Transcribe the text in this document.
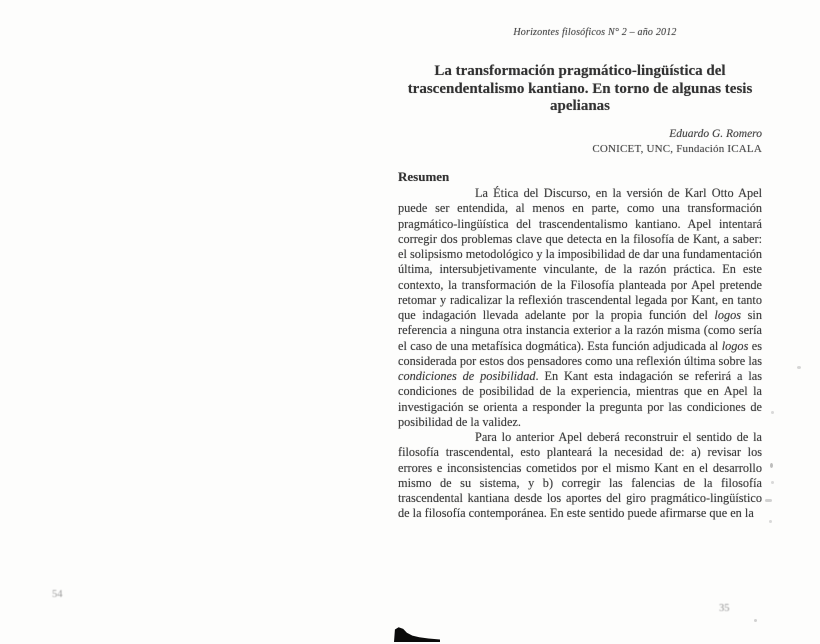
Horizontes filosóficos N° 2 – año 2012
La transformación pragmático-lingüística del trascendentalismo kantiano. En torno de algunas tesis apelianas
Eduardo G. Romero
CONICET, UNC, Fundación ICALA
Resumen

La Ética del Discurso, en la versión de Karl Otto Apel puede ser entendida, al menos en parte, como una transformación pragmático-lingüística del trascendentalismo kantiano. Apel intentará corregir dos problemas clave que detecta en la filosofía de Kant, a saber: el solipsismo metodológico y la imposibilidad de dar una fundamentación última, intersubjetivamente vinculante, de la razón práctica. En este contexto, la transformación de la Filosofía planteada por Apel pretende retomar y radicalizar la reflexión trascendental legada por Kant, en tanto que indagación llevada adelante por la propia función del logos sin referencia a ninguna otra instancia exterior a la razón misma (como sería el caso de una metafísica dogmática). Esta función adjudicada al logos es considerada por estos dos pensadores como una reflexión última sobre las condiciones de posibilidad. En Kant esta indagación se referirá a las condiciones de posibilidad de la experiencia, mientras que en Apel la investigación se orienta a responder la pregunta por las condiciones de posibilidad de la validez.

Para lo anterior Apel deberá reconstruir el sentido de la filosofía trascendental, esto planteará la necesidad de: a) revisar los errores e inconsistencias cometidos por el mismo Kant en el desarrollo mismo de su sistema, y b) corregir las falencias de la filosofía trascendental kantiana desde los aportes del giro pragmático-lingüístico de la filosofía contemporánea. En este sentido puede afirmarse que en la

54
35
